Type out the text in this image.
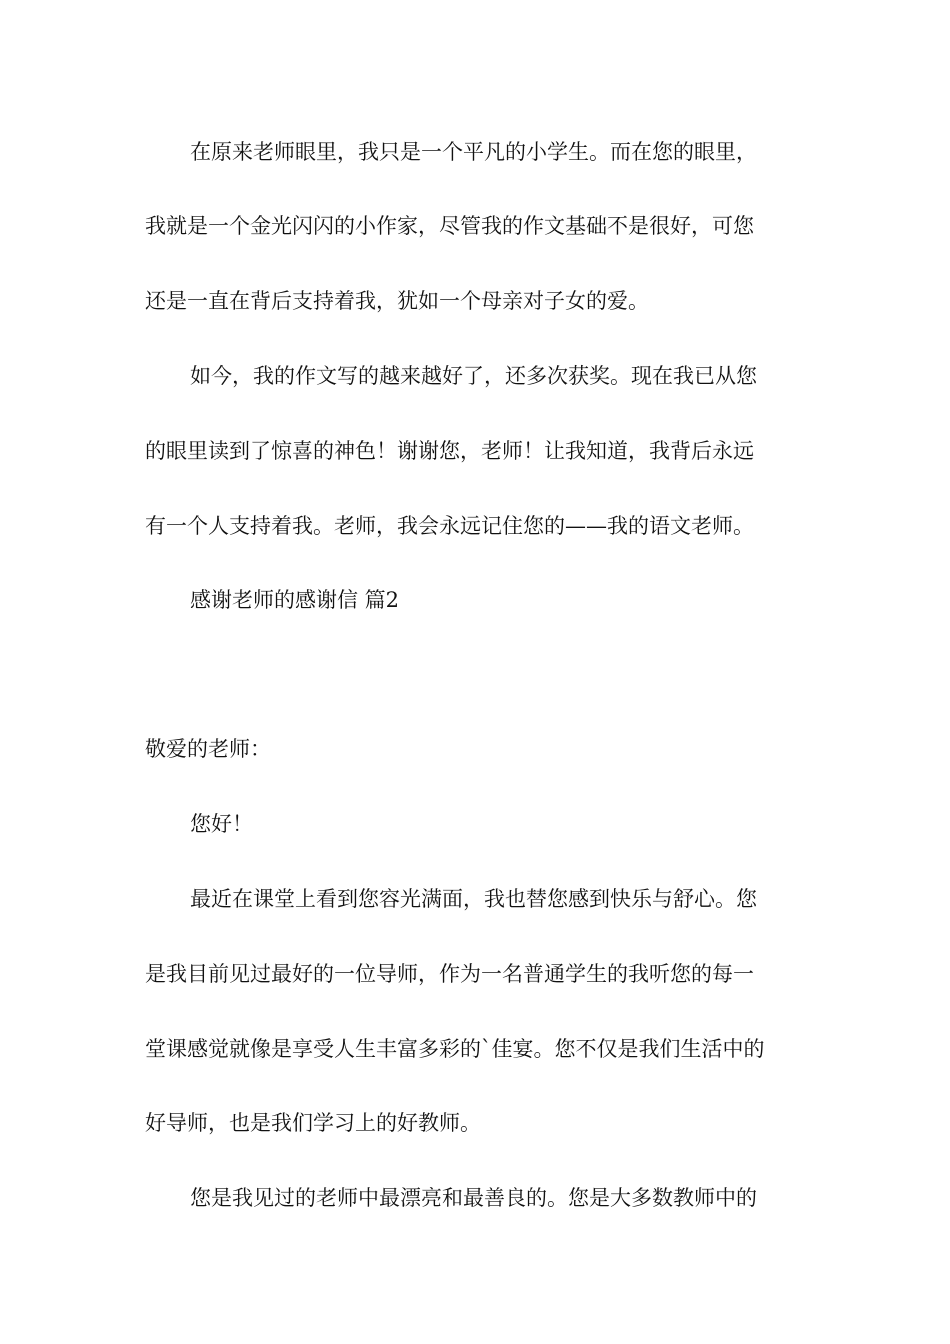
在原来老师眼里，我只是一个平凡的小学生。而在您的眼里，
我就是一个金光闪闪的小作家，尽管我的作文基础不是很好，可您
还是一直在背后支持着我，犹如一个母亲对子女的爱。
如今，我的作文写的越来越好了，还多次获奖。现在我已从您
的眼里读到了惊喜的神色！谢谢您，老师！让我知道，我背后永远
有一个人支持着我。老师，我会永远记住您的——我的语文老师。
感谢老师的感谢信 篇2
敬爱的老师：
您好！
最近在课堂上看到您容光满面，我也替您感到快乐与舒心。您
是我目前见过最好的一位导师，作为一名普通学生的我听您的每一
堂课感觉就像是享受人生丰富多彩的`佳宴。您不仅是我们生活中的
好导师，也是我们学习上的好教师。
您是我见过的老师中最漂亮和最善良的。您是大多数教师中的
